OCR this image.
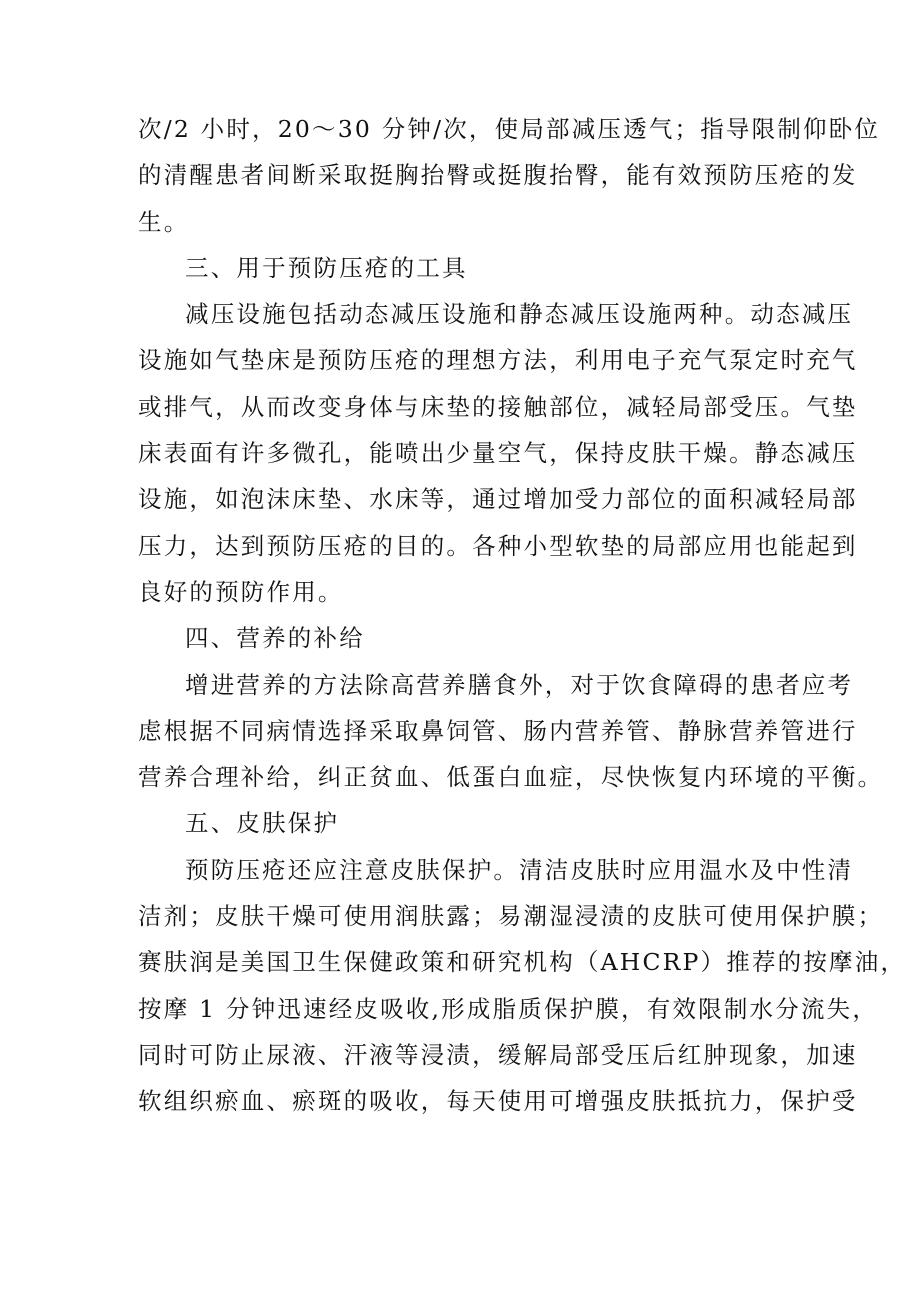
次/2 小时，20～30 分钟/次，使局部减压透气；指导限制仰卧位
的清醒患者间断采取挺胸抬臀或挺腹抬臀，能有效预防压疮的发
生。
三、用于预防压疮的工具
减压设施包括动态减压设施和静态减压设施两种。动态减压
设施如气垫床是预防压疮的理想方法，利用电子充气泵定时充气
或排气，从而改变身体与床垫的接触部位，减轻局部受压。气垫
床表面有许多微孔，能喷出少量空气，保持皮肤干燥。静态减压
设施，如泡沫床垫、水床等，通过增加受力部位的面积减轻局部
压力，达到预防压疮的目的。各种小型软垫的局部应用也能起到
良好的预防作用。
四、营养的补给
增进营养的方法除高营养膳食外，对于饮食障碍的患者应考
虑根据不同病情选择采取鼻饲管、肠内营养管、静脉营养管进行
营养合理补给，纠正贫血、低蛋白血症，尽快恢复内环境的平衡。
五、皮肤保护
预防压疮还应注意皮肤保护。清洁皮肤时应用温水及中性清
洁剂；皮肤干燥可使用润肤露；易潮湿浸渍的皮肤可使用保护膜；
赛肤润是美国卫生保健政策和研究机构（AHCRP）推荐的按摩油，
按摩 1 分钟迅速经皮吸收,形成脂质保护膜，有效限制水分流失，
同时可防止尿液、汗液等浸渍，缓解局部受压后红肿现象，加速
软组织瘀血、瘀斑的吸收，每天使用可增强皮肤抵抗力，保护受
